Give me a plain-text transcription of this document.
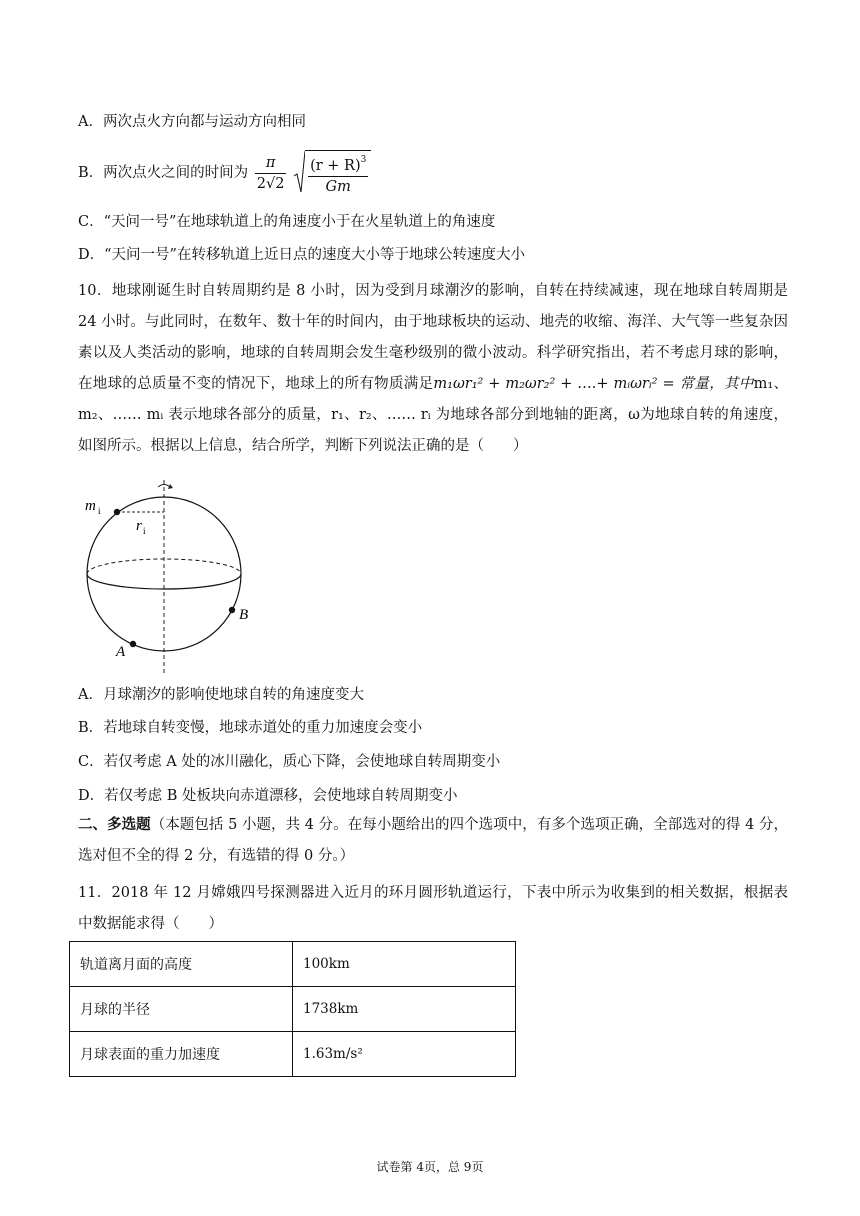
A．两次点火方向都与运动方向相同
B．两次点火之间的时间为 $\frac{\pi}{2√2}$
$\frac{(r + R)^3}{Gm}$
C．“天问一号”在地球轨道上的角速度小于在火星轨道上的角速度
D．“天问一号”在转移轨道上近日点的速度大小等于地球公转速度大小
10．地球刚诞生时自转周期约是 8 小时，因为受到月球潮汐的影响，自转在持续减速，现在地球自转周期是 24 小时。与此同时，在数年、数十年的时间内，由于地球板块的运动、地壳的收缩、海洋、大气等一些复杂因素以及人类活动的影响，地球的自转周期会发生毫秒级别的微小波动。科学研究指出，若不考虑月球的影响，在地球的总质量不变的情况下，地球上的所有物质满足m₁ωr₁² + m₂ωr₂² + ….+ mᵢωrᵢ² = 常量，其中m₁、m₂、…… mᵢ 表示地球各部分的质量，r₁、r₂、…… rᵢ 为地球各部分到地轴的距离，ω为地球自转的角速度，如图所示。根据以上信息，结合所学，判断下列说法正确的是（　　）
m i
r i
B
A
A．月球潮汐的影响使地球自转的角速度变大
B．若地球自转变慢，地球赤道处的重力加速度会变小
C．若仅考虑 A 处的冰川融化，质心下降，会使地球自转周期变小
D．若仅考虑 B 处板块向赤道漂移，会使地球自转周期变小
二、多选题（本题包括 5 小题，共 4 分。在每小题给出的四个选项中，有多个选项正确，全部选对的得 4 分，选对但不全的得 2 分，有选错的得 0 分。）
11．2018 年 12 月嫦娥四号探测器进入近月的环月圆形轨道运行，下表中所示为收集到的相关数据，根据表中数据能求得（　　）
轨道离月面的高度	100km
月球的半径	1738km
月球表面的重力加速度	1.63m/s²
试卷第 4页，总 9页
